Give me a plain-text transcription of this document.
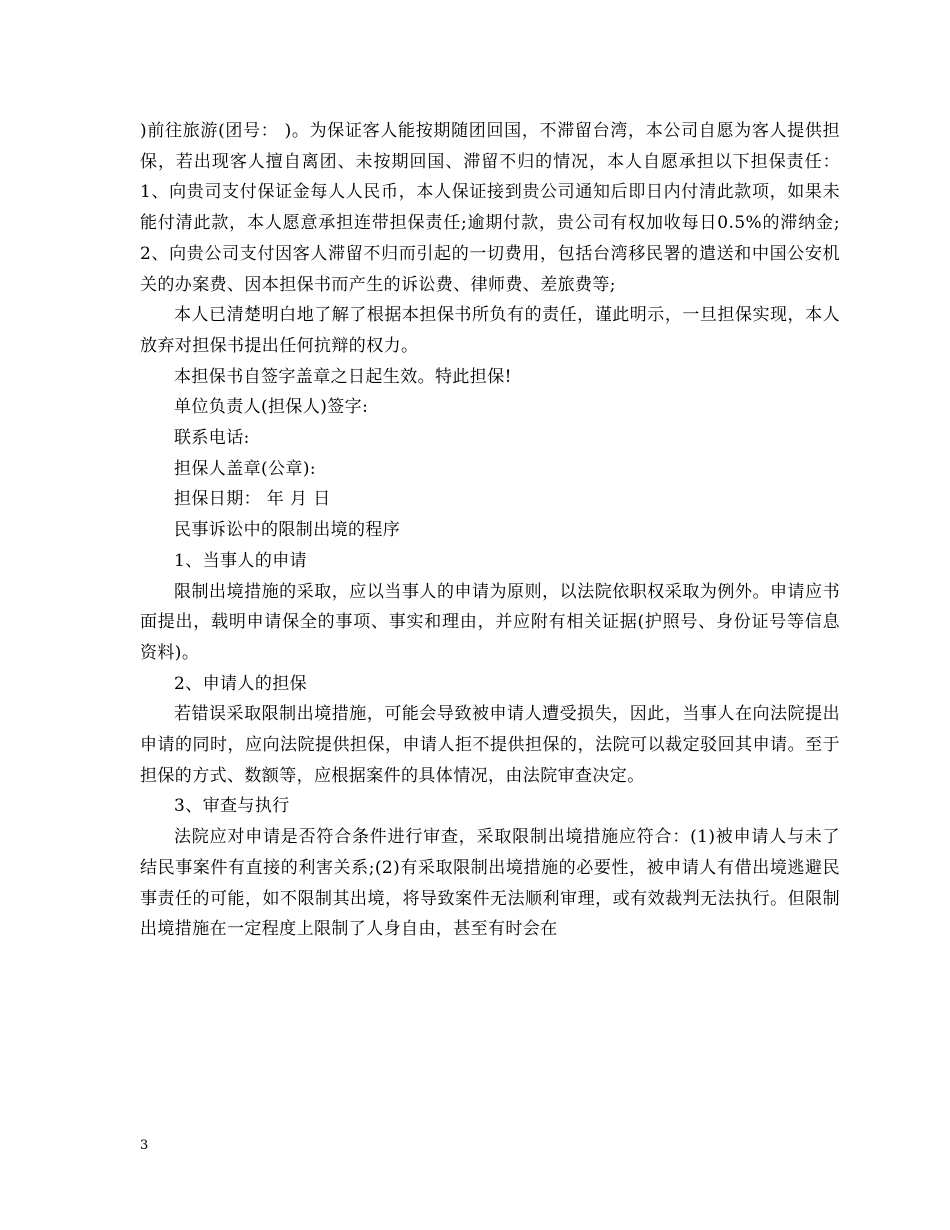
)前往旅游(团号： )。为保证客人能按期随团回国，不滞留台湾，本公司自愿为客人提供担保，若出现客人擅自离团、未按期回国、滞留不归的情况，本人自愿承担以下担保责任： 1、向贵司支付保证金每人人民币，本人保证接到贵公司通知后即日内付清此款项，如果未能付清此款，本人愿意承担连带担保责任;逾期付款，贵公司有权加收每日0.5%的滞纳金; 2、向贵公司支付因客人滞留不归而引起的一切费用，包括台湾移民署的遣送和中国公安机关的办案费、因本担保书而产生的诉讼费、律师费、差旅费等;

本人已清楚明白地了解了根据本担保书所负有的责任，谨此明示，一旦担保实现，本人放弃对担保书提出任何抗辩的权力。

本担保书自签字盖章之日起生效。特此担保!

单位负责人(担保人)签字:

联系电话:

担保人盖章(公章):

担保日期： 年 月 日

民事诉讼中的限制出境的程序

1、当事人的申请

限制出境措施的采取，应以当事人的申请为原则，以法院依职权采取为例外。申请应书面提出，载明申请保全的事项、事实和理由，并应附有相关证据(护照号、身份证号等信息资料)。

2、申请人的担保

若错误采取限制出境措施，可能会导致被申请人遭受损失，因此，当事人在向法院提出申请的同时，应向法院提供担保，申请人拒不提供担保的，法院可以裁定驳回其申请。至于担保的方式、数额等，应根据案件的具体情况，由法院审查决定。

3、审查与执行

法院应对申请是否符合条件进行审查，采取限制出境措施应符合：(1)被申请人与未了结民事案件有直接的利害关系;(2)有采取限制出境措施的必要性，被申请人有借出境逃避民事责任的可能，如不限制其出境，将导致案件无法顺利审理，或有效裁判无法执行。但限制出境措施在一定程度上限制了人身自由，甚至有时会在

3
